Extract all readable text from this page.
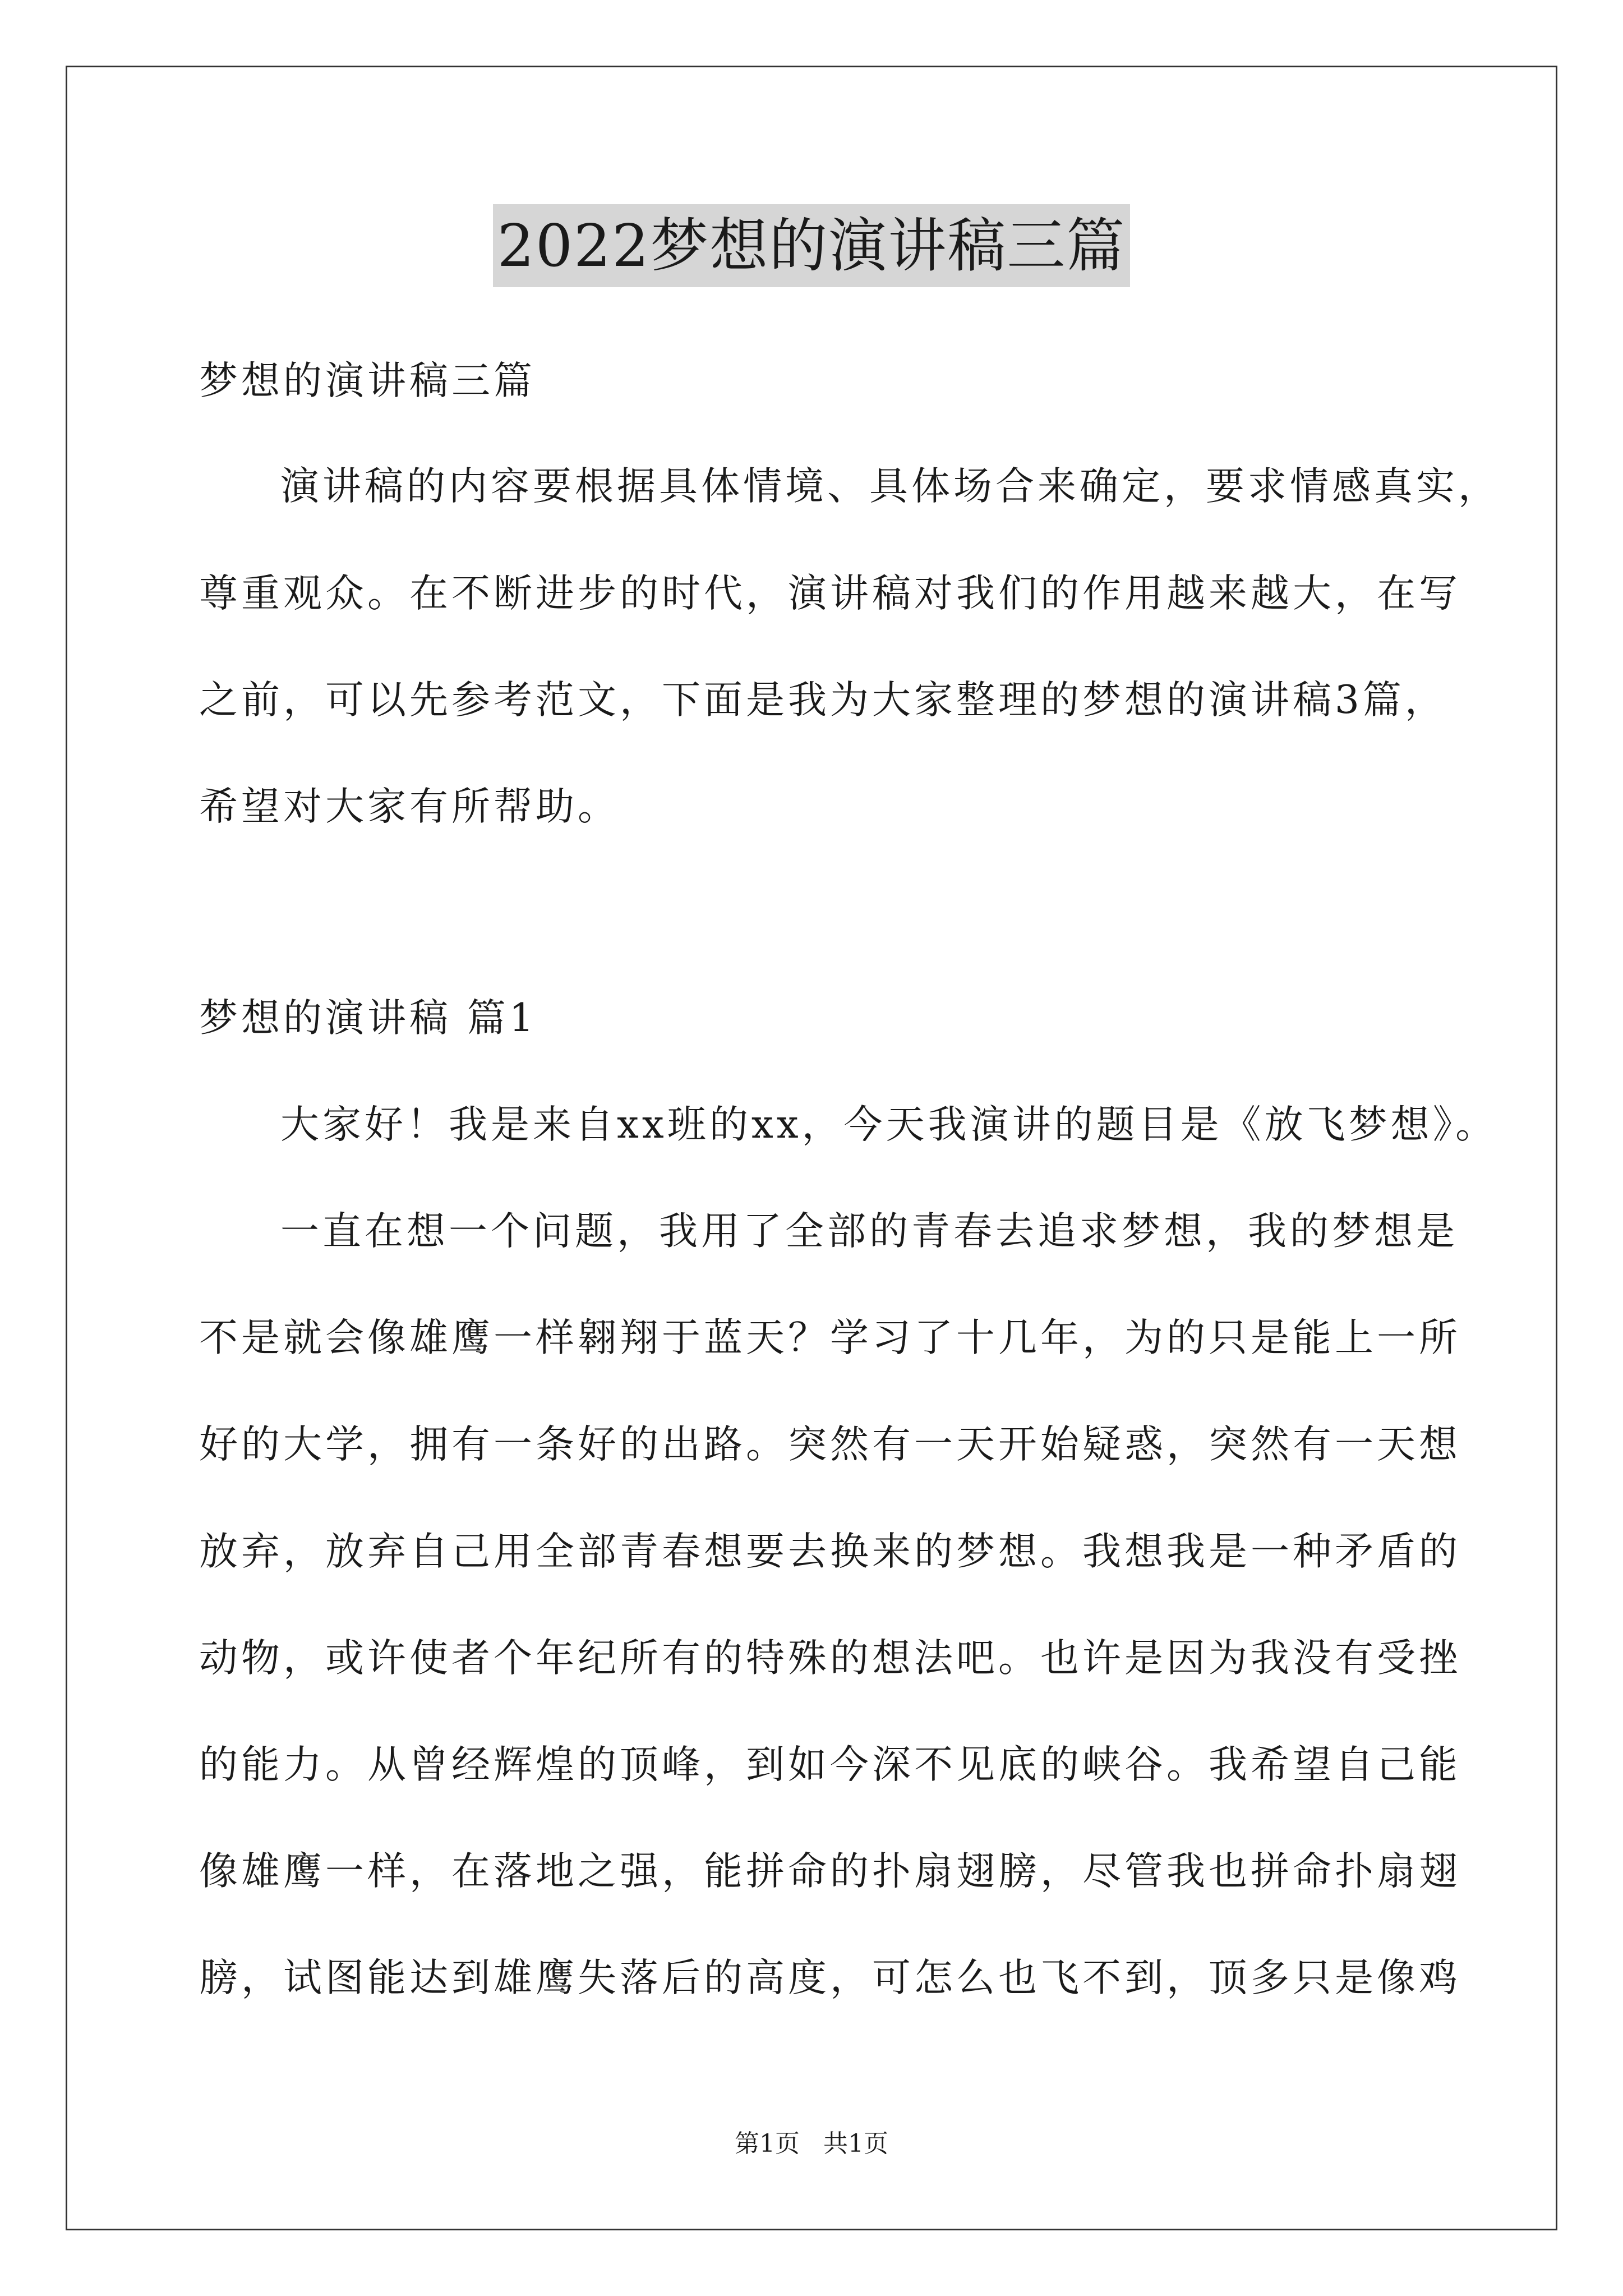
2022梦想的演讲稿三篇
梦想的演讲稿三篇
演讲稿的内容要根据具体情境、具体场合来确定，要求情感真实，
尊重观众。在不断进步的时代，演讲稿对我们的作用越来越大，在写
之前，可以先参考范文，下面是我为大家整理的梦想的演讲稿3篇，
希望对大家有所帮助。
梦想的演讲稿 篇1
大家好！我是来自xx班的xx，今天我演讲的题目是《放飞梦想》。
一直在想一个问题，我用了全部的青春去追求梦想，我的梦想是
不是就会像雄鹰一样翱翔于蓝天？学习了十几年，为的只是能上一所
好的大学，拥有一条好的出路。突然有一天开始疑惑，突然有一天想
放弃，放弃自己用全部青春想要去换来的梦想。我想我是一种矛盾的
动物，或许使者个年纪所有的特殊的想法吧。也许是因为我没有受挫
的能力。从曾经辉煌的顶峰，到如今深不见底的峡谷。我希望自己能
像雄鹰一样，在落地之强，能拼命的扑扇翅膀，尽管我也拼命扑扇翅
膀，试图能达到雄鹰失落后的高度，可怎么也飞不到，顶多只是像鸡
第1页 共1页
